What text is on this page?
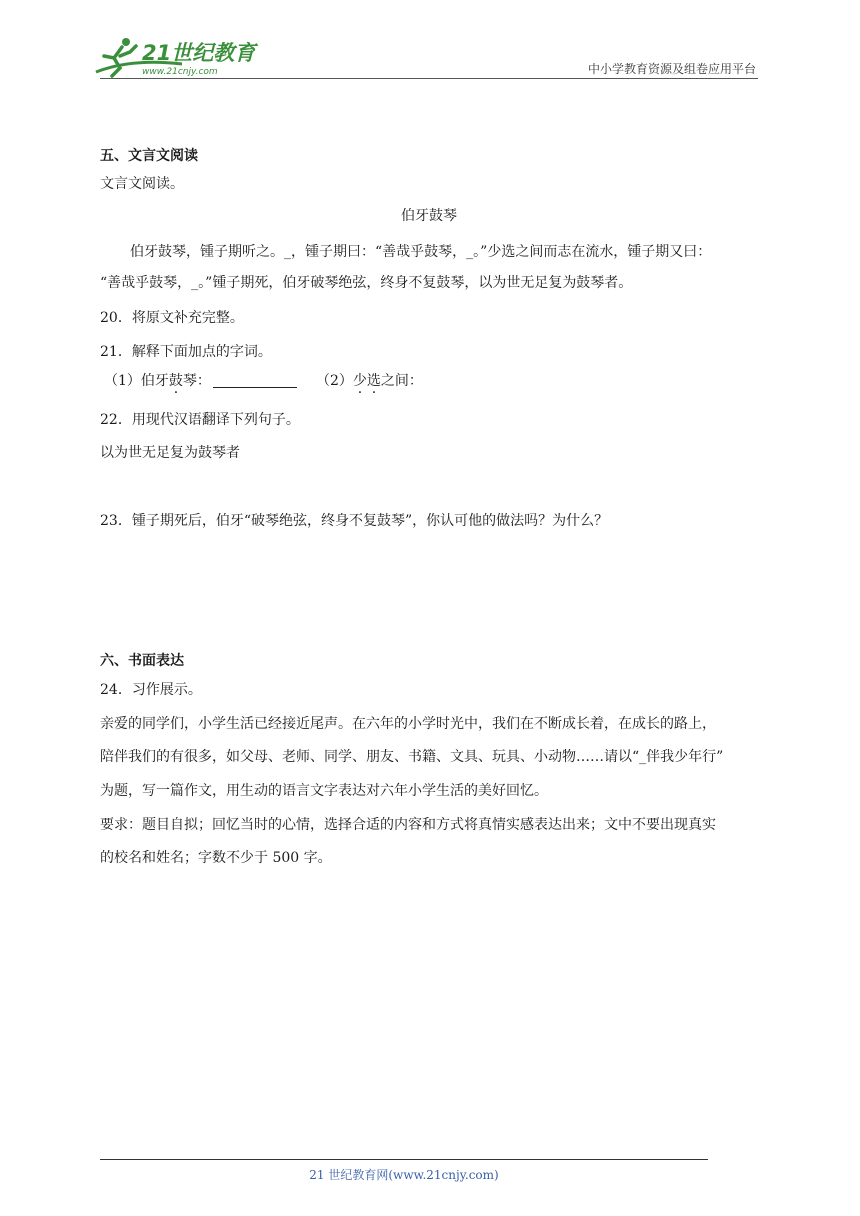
21世纪教育
www.21cnjy.com	中小学教育资源及组卷应用平台
五、文言文阅读
文言文阅读。
伯牙鼓琴
伯牙鼓琴，锺子期听之。_，锺子期曰：“善哉乎鼓琴，_。”少选之间而志在流水，锺子期又曰：
“善哉乎鼓琴，_。”锺子期死，伯牙破琴绝弦，终身不复鼓琴，以为世无足复为鼓琴者。
20．将原文补充完整。
21．解释下面加点的字词。
（1）伯牙鼓琴：	（2）少选之间：
22．用现代汉语翻译下列句子。
以为世无足复为鼓琴者
23．锺子期死后，伯牙“破琴绝弦，终身不复鼓琴”，你认可他的做法吗？为什么？
六、书面表达
24．习作展示。
亲爱的同学们，小学生活已经接近尾声。在六年的小学时光中，我们在不断成长着，在成长的路上，
陪伴我们的有很多，如父母、老师、同学、朋友、书籍、文具、玩具、小动物……请以“_伴我少年行”
为题，写一篇作文，用生动的语言文字表达对六年小学生活的美好回忆。
要求：题目自拟；回忆当时的心情，选择合适的内容和方式将真情实感表达出来；文中不要出现真实
的校名和姓名；字数不少于 500 字。
21 世纪教育网(www.21cnjy.com)
